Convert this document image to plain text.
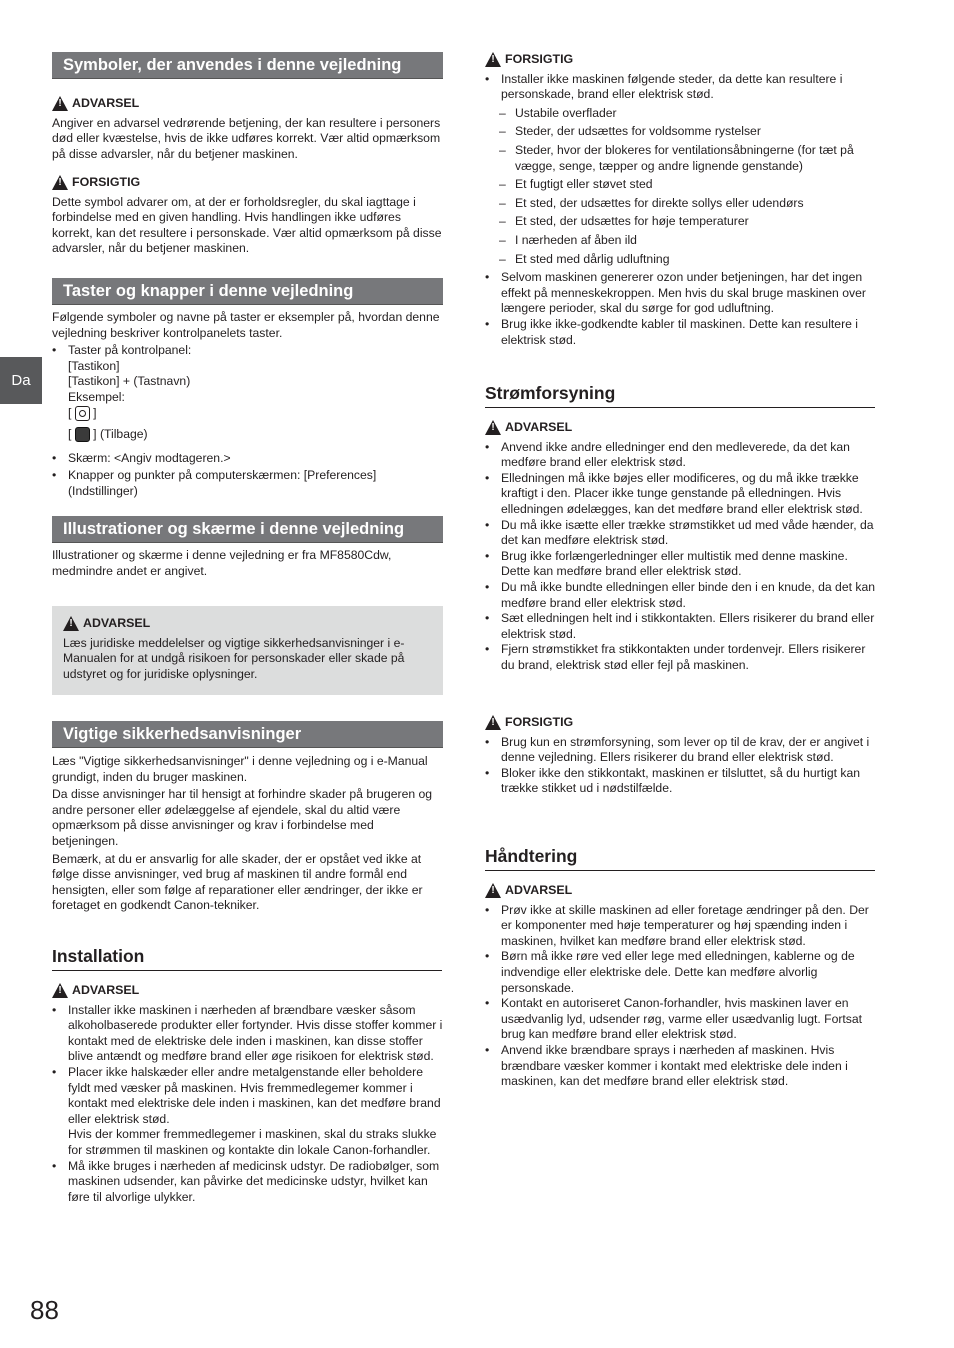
Da
88
Symboler, der anvendes i denne vejledning
!
ADVARSEL

Angiver en advarsel vedrørende betjening, der kan resultere i personers død eller kvæstelse, hvis de ikke udføres korrekt. Vær altid opmærksom på disse advarsler, når du betjener maskinen.

!
FORSIGTIG

Dette symbol advarer om, at der er forholdsregler, du skal iagttage i forbindelse med en given handling. Hvis handlingen ikke udføres korrekt, kan det resultere i personskade. Vær altid opmærksom på disse advarsler, når du betjener maskinen.

Taster og knapper i denne vejledning

Følgende symboler og navne på taster er eksempler på, hvordan denne vejledning beskriver kontrolpanelets taster.

• Taster på kontrolpanel:
[Tastikon]
[Tastikon] + (Tastnavn)
Eksempel:
[ ]
[ ] (Tilbage)
• Skærm: <Angiv modtageren.>
• Knapper og punkter på computerskærmen: [Preferences] (Indstillinger)
Illustrationer og skærme i denne vejledning
Illustrationer og skærme i denne vejledning er fra MF8580Cdw, medmindre andet er angivet.
!
ADVARSEL

Læs juridiske meddelelser og vigtige sikkerhedsanvisninger i e-Manualen for at undgå risikoen for personskader eller skade på udstyret og for juridiske oplysninger.

Vigtige sikkerhedsanvisninger

Læs "Vigtige sikkerhedsanvisninger" i denne vejledning og i e-Manual grundigt, inden du bruger maskinen.

Da disse anvisninger har til hensigt at forhindre skader på brugeren og andre personer eller ødelæggelse af ejendele, skal du altid være opmærksom på disse anvisninger og krav i forbindelse med betjeningen.

Bemærk, at du er ansvarlig for alle skader, der er opstået ved ikke at følge disse anvisninger, ved brug af maskinen til andre formål end hensigten, eller som følge af reparationer eller ændringer, der ikke er foretaget en godkendt Canon-tekniker.

Installation
!
ADVARSEL
• Installer ikke maskinen i nærheden af brændbare væsker såsom alkoholbaserede produkter eller fortynder. Hvis disse stoffer kommer i kontakt med de elektriske dele inden i maskinen, kan disse stoffer blive antændt og medføre brand eller øge risikoen for elektrisk stød.
• Placer ikke halskæder eller andre metalgenstande eller beholdere fyldt med væsker på maskinen. Hvis fremmedlegemer kommer i kontakt med elektriske dele inden i maskinen, kan det medføre brand eller elektrisk stød.
Hvis der kommer fremmedlegemer i maskinen, skal du straks slukke for strømmen til maskinen og kontakte din lokale Canon-forhandler.
• Må ikke bruges i nærheden af medicinsk udstyr. De radiobølger, som maskinen udsender, kan påvirke det medicinske udstyr, hvilket kan føre til alvorlige ulykker.
!
FORSIGTIG
• Installer ikke maskinen følgende steder, da dette kan resultere i personskade, brand eller elektrisk stød.
– Ustabile overflader
– Steder, der udsættes for voldsomme rystelser
– Steder, hvor der blokeres for ventilationsåbningerne (for tæt på vægge, senge, tæpper og andre lignende genstande)
– Et fugtigt eller støvet sted
– Et sted, der udsættes for direkte sollys eller udendørs
– Et sted, der udsættes for høje temperaturer
– I nærheden af åben ild
– Et sted med dårlig udluftning
• Selvom maskinen genererer ozon under betjeningen, har det ingen effekt på menneskekroppen. Men hvis du skal bruge maskinen over længere perioder, skal du sørge for god udluftning.
• Brug ikke ikke-godkendte kabler til maskinen. Dette kan resultere i elektrisk stød.
Strømforsyning
!
ADVARSEL
• Anvend ikke andre elledninger end den medleverede, da det kan medføre brand eller elektrisk stød.
• Elledningen må ikke bøjes eller modificeres, og du må ikke trække kraftigt i den. Placer ikke tunge genstande på elledningen. Hvis elledningen ødelægges, kan det medføre brand eller elektrisk stød.
• Du må ikke isætte eller trække strømstikket ud med våde hænder, da det kan medføre elektrisk stød.
• Brug ikke forlængerledninger eller multistik med denne maskine. Dette kan medføre brand eller elektrisk stød.
• Du må ikke bundte elledningen eller binde den i en knude, da det kan medføre brand eller elektrisk stød.
• Sæt elledningen helt ind i stikkontakten. Ellers risikerer du brand eller elektrisk stød.
• Fjern strømstikket fra stikkontakten under tordenvejr. Ellers risikerer du brand, elektrisk stød eller fejl på maskinen.
!
FORSIGTIG
• Brug kun en strømforsyning, som lever op til de krav, der er angivet i denne vejledning. Ellers risikerer du brand eller elektrisk stød.
• Bloker ikke den stikkontakt, maskinen er tilsluttet, så du hurtigt kan trække stikket ud i nødstilfælde.
Håndtering
!
ADVARSEL
• Prøv ikke at skille maskinen ad eller foretage ændringer på den. Der er komponenter med høje temperaturer og høj spænding inden i maskinen, hvilket kan medføre brand eller elektrisk stød.
• Børn må ikke røre ved eller lege med elledningen, kablerne og de indvendige eller elektriske dele. Dette kan medføre alvorlig personskade.
• Kontakt en autoriseret Canon-forhandler, hvis maskinen laver en usædvanlig lyd, udsender røg, varme eller usædvanlig lugt. Fortsat brug kan medføre brand eller elektrisk stød.
• Anvend ikke brændbare sprays i nærheden af maskinen. Hvis brændbare væsker kommer i kontakt med elektriske dele inden i maskinen, kan det medføre brand eller elektrisk stød.
